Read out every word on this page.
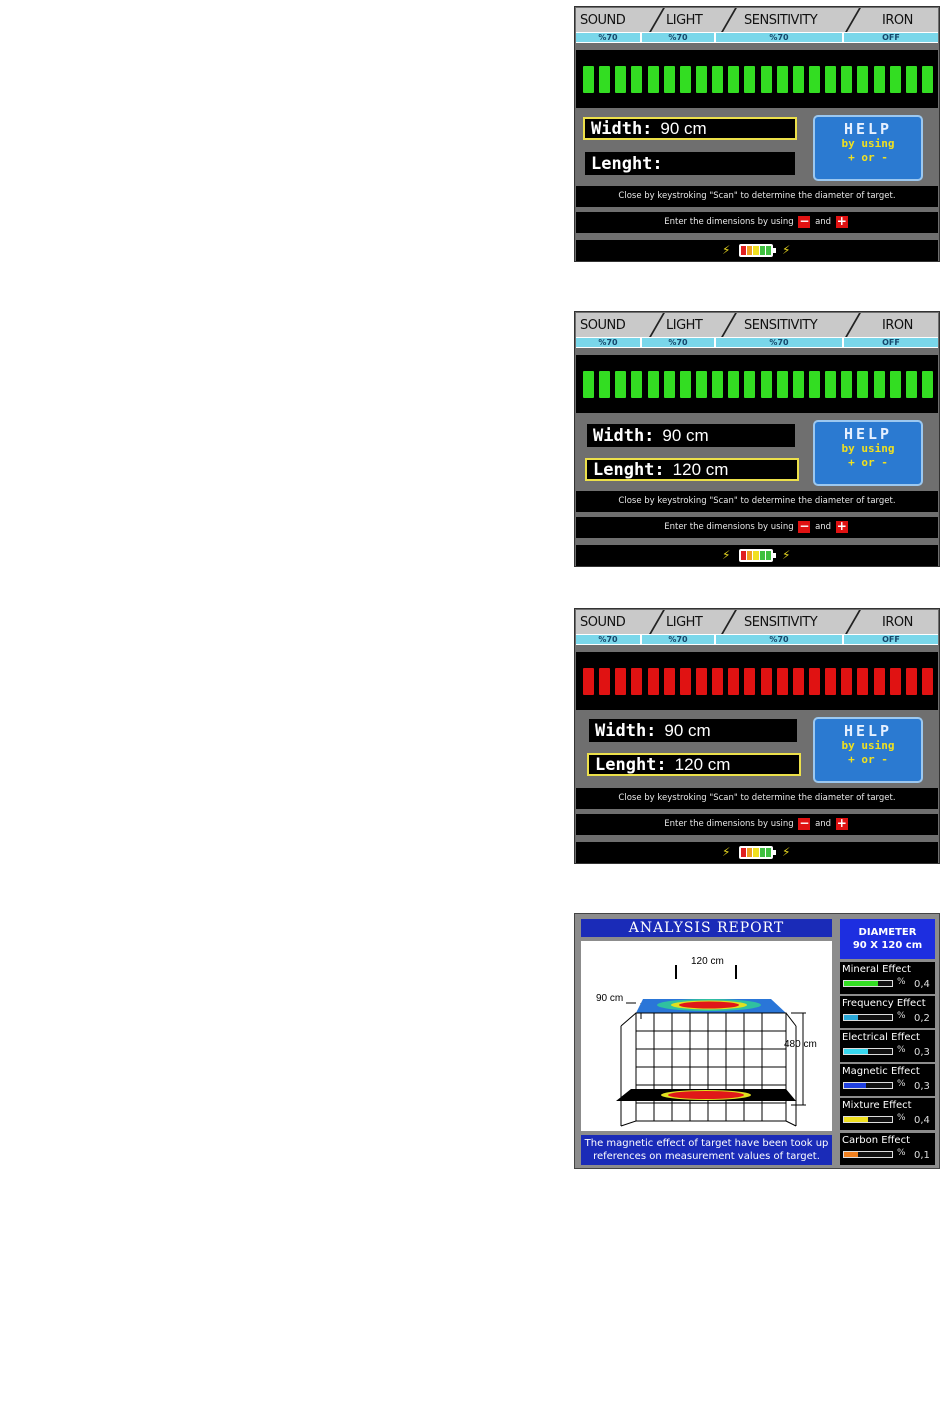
SOUND	LIGHT	SENSITIVITY	IRON
%70	%70	%70	OFF
Width: 90 cm
Lenght:
HELP
by using
+ or -
Close by keystroking "Scan" to determine the diameter of target.
Enter the dimensions by using − and +
⚡	⚡
SOUND	LIGHT	SENSITIVITY	IRON
%70	%70	%70	OFF
Width: 90 cm
Lenght: 120 cm
HELP
by using
+ or -
Close by keystroking "Scan" to determine the diameter of target.
Enter the dimensions by using − and +
⚡	⚡
SOUND	LIGHT	SENSITIVITY	IRON
%70	%70	%70	OFF
Width: 90 cm
Lenght: 120 cm
HELP
by using
+ or -
Close by keystroking "Scan" to determine the diameter of target.
Enter the dimensions by using − and +
⚡	⚡
ANALYSIS REPORT
120 cm
90 cm
480 cm
The magnetic effect of target have been took up references on measurement values of target.
DIAMETER
90 X 120 cm
Mineral Effect
% 0,4
Frequency Effect
% 0,2
Electrical Effect
% 0,3
Magnetic Effect
% 0,3
Mixture Effect
% 0,4
Carbon Effect
% 0,1
